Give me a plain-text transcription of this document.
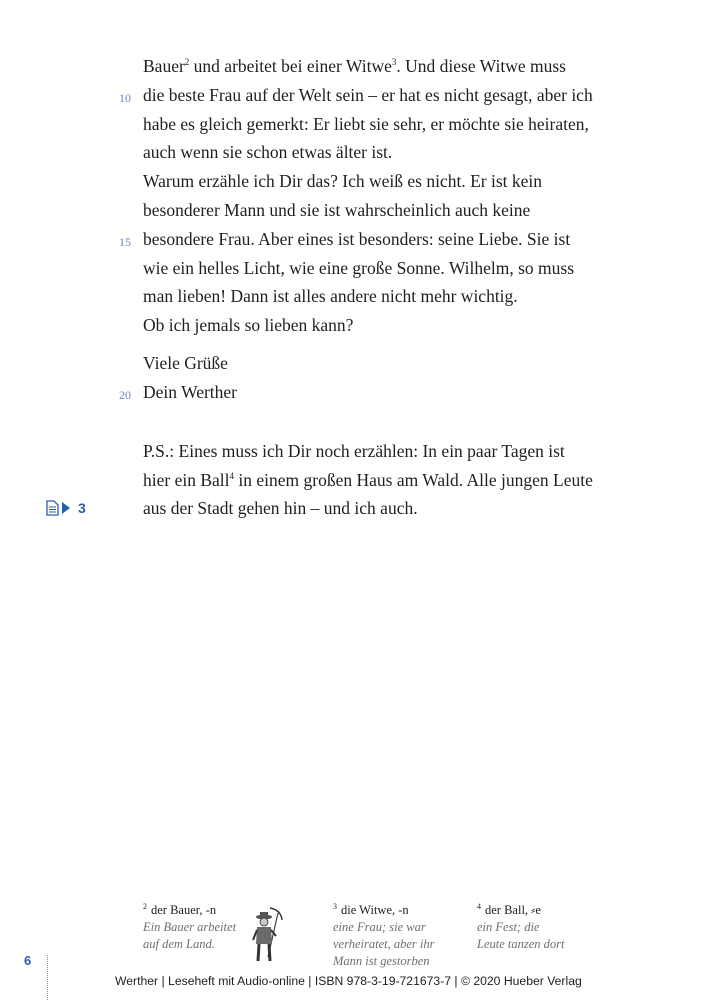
Bauer$^2$ und arbeitet bei einer Witwe$^3$. Und diese Witwe muss

10 die beste Frau auf der Welt sein – er hat es nicht gesagt, aber ich

habe es gleich gemerkt: Er liebt sie sehr, er möchte sie heiraten,

auch wenn sie schon etwas älter ist.

Warum erzähle ich Dir das? Ich weiß es nicht. Er ist kein

besonderer Mann und sie ist wahrscheinlich auch keine

15 besondere Frau. Aber eines ist besonders: seine Liebe. Sie ist

wie ein helles Licht, wie eine große Sonne. Wilhelm, so muss

man lieben! Dann ist alles andere nicht mehr wichtig.

Ob ich jemals so lieben kann?

Viele Grüße

20 Dein Werther

P.S.: Eines muss ich Dir noch erzählen: In ein paar Tagen ist

hier ein Ball$^4$ in einem großen Haus am Wald. Alle jungen Leute

aus der Stadt gehen hin – und ich auch.

3
$^2$ der Bauer, -n
Ein Bauer arbeitet
auf dem Land.
$^3$ die Witwe, -n
eine Frau; sie war
verheiratet, aber ihr
Mann ist gestorben
$^4$ der Ball, ⸗e
ein Fest; die
Leute tanzen dort
6

Werther | Leseheft mit Audio-online | ISBN 978-3-19-721673-7 | © 2020 Hueber Verlag
